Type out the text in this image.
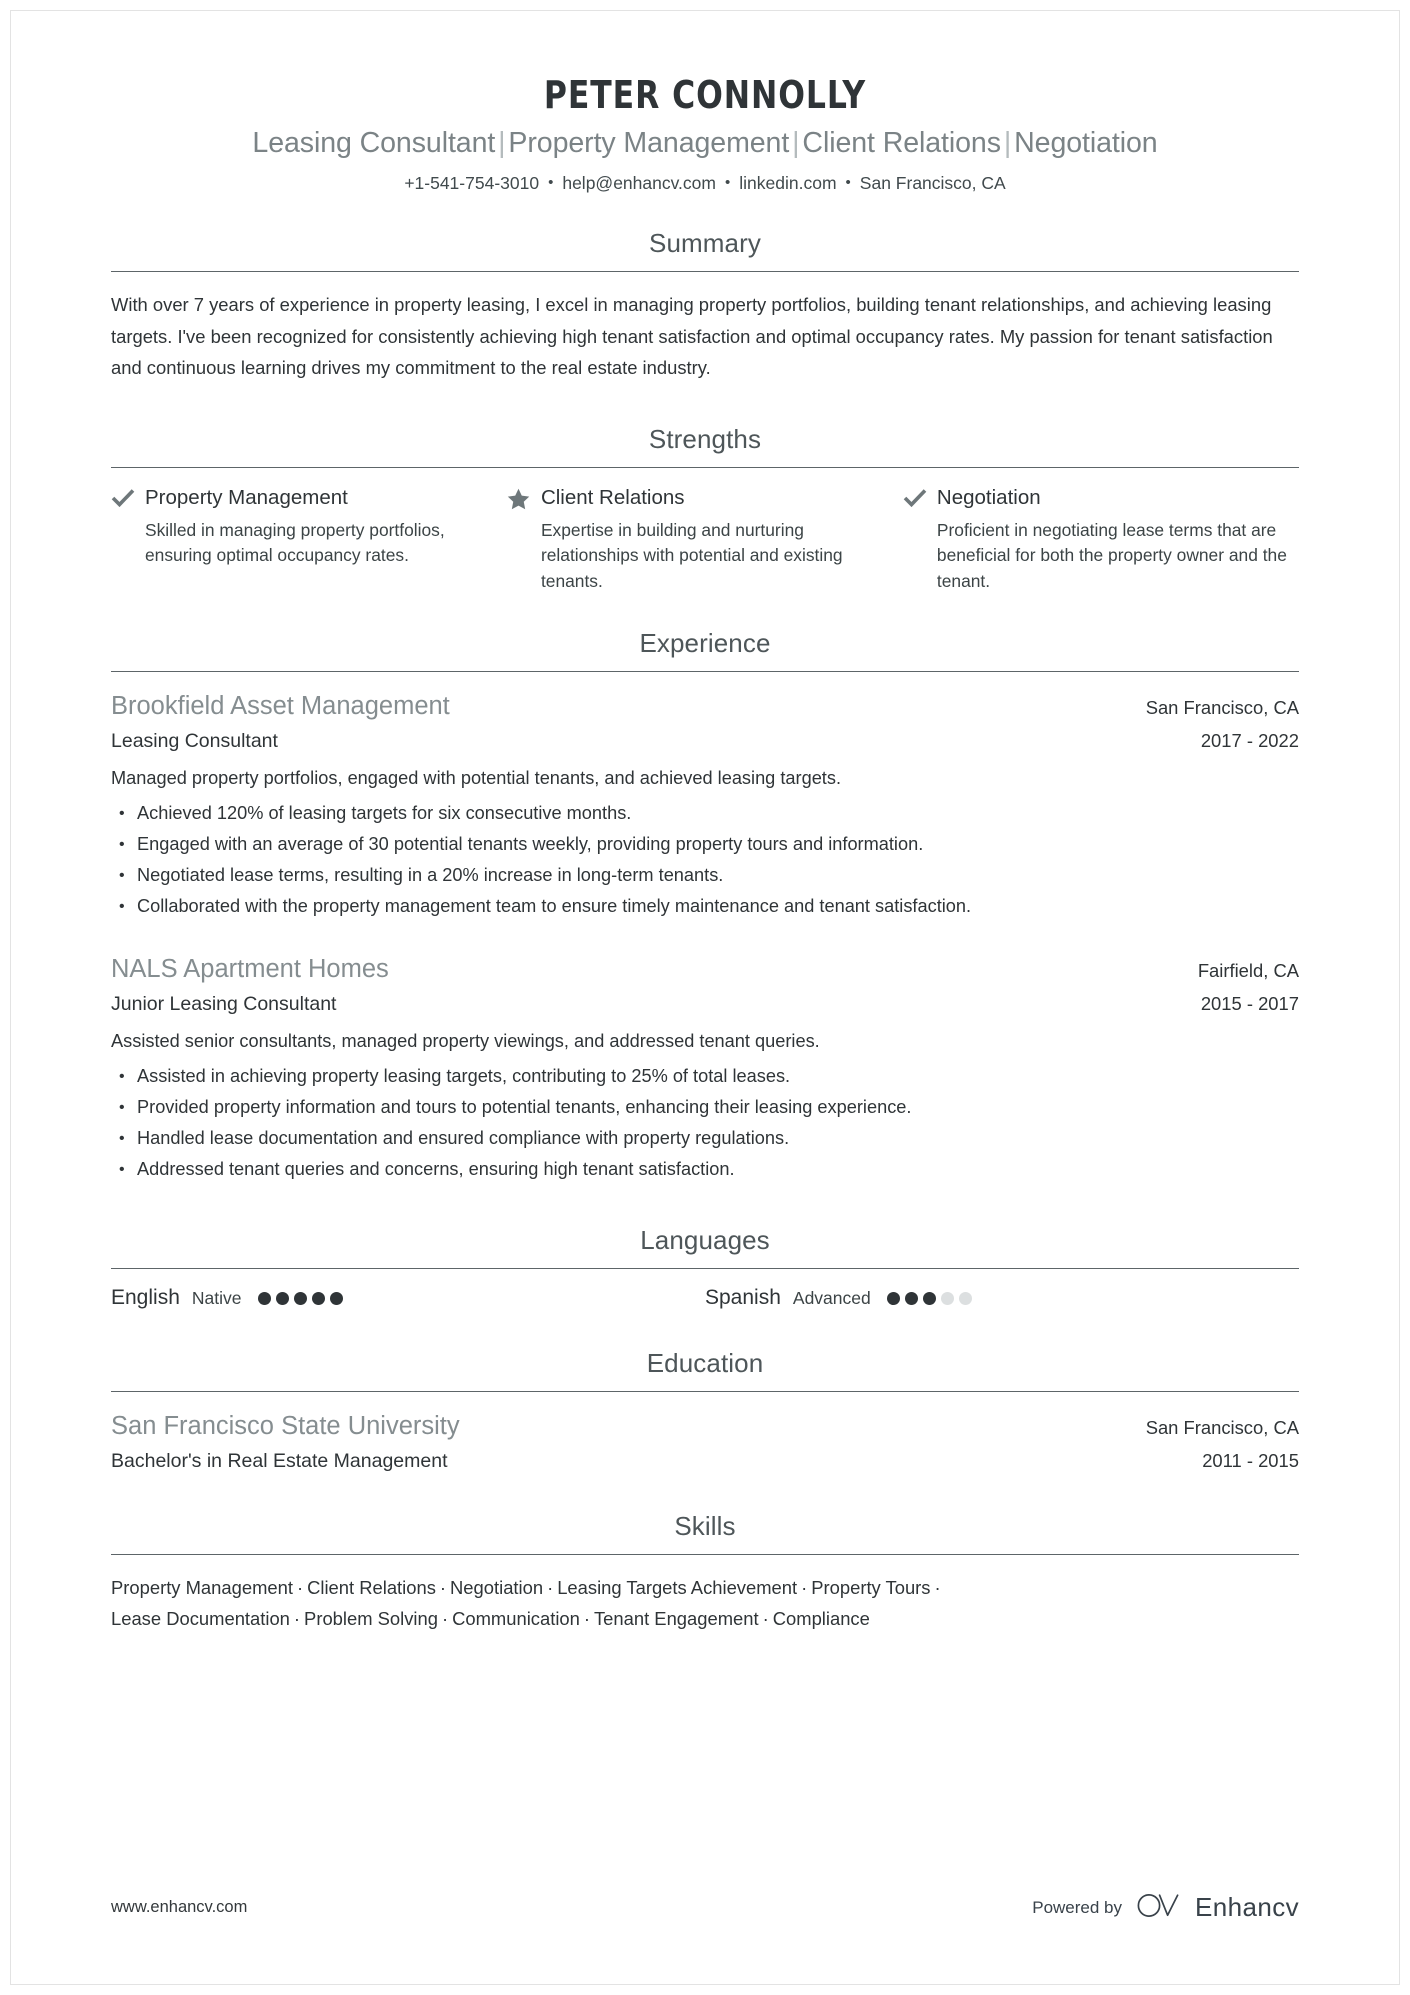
PETER CONNOLLY
Leasing Consultant | Property Management | Client Relations | Negotiation
+1-541-754-3010 • help@enhancv.com • linkedin.com • San Francisco, CA
Summary
With over 7 years of experience in property leasing, I excel in managing property portfolios, building tenant relationships, and achieving leasing targets. I've been recognized for consistently achieving high tenant satisfaction and optimal occupancy rates. My passion for tenant satisfaction and continuous learning drives my commitment to the real estate industry.
Strengths
Property Management
Skilled in managing property portfolios, ensuring optimal occupancy rates.
Client Relations
Expertise in building and nurturing relationships with potential and existing tenants.
Negotiation
Proficient in negotiating lease terms that are beneficial for both the property owner and the tenant.
Experience
Brookfield Asset Management	San Francisco, CA
Leasing Consultant	2017 - 2022
Managed property portfolios, engaged with potential tenants, and achieved leasing targets.
• Achieved 120% of leasing targets for six consecutive months.
• Engaged with an average of 30 potential tenants weekly, providing property tours and information.
• Negotiated lease terms, resulting in a 20% increase in long-term tenants.
• Collaborated with the property management team to ensure timely maintenance and tenant satisfaction.
NALS Apartment Homes	Fairfield, CA
Junior Leasing Consultant	2015 - 2017
Assisted senior consultants, managed property viewings, and addressed tenant queries.
• Assisted in achieving property leasing targets, contributing to 25% of total leases.
• Provided property information and tours to potential tenants, enhancing their leasing experience.
• Handled lease documentation and ensured compliance with property regulations.
• Addressed tenant queries and concerns, ensuring high tenant satisfaction.
Languages
English Native	Spanish Advanced
Education
San Francisco State University	San Francisco, CA
Bachelor's in Real Estate Management	2011 - 2015
Skills
Property Management · Client Relations · Negotiation · Leasing Targets Achievement · Property Tours ·
Lease Documentation · Problem Solving · Communication · Tenant Engagement · Compliance
www.enhancv.com	Powered by	Enhancv
